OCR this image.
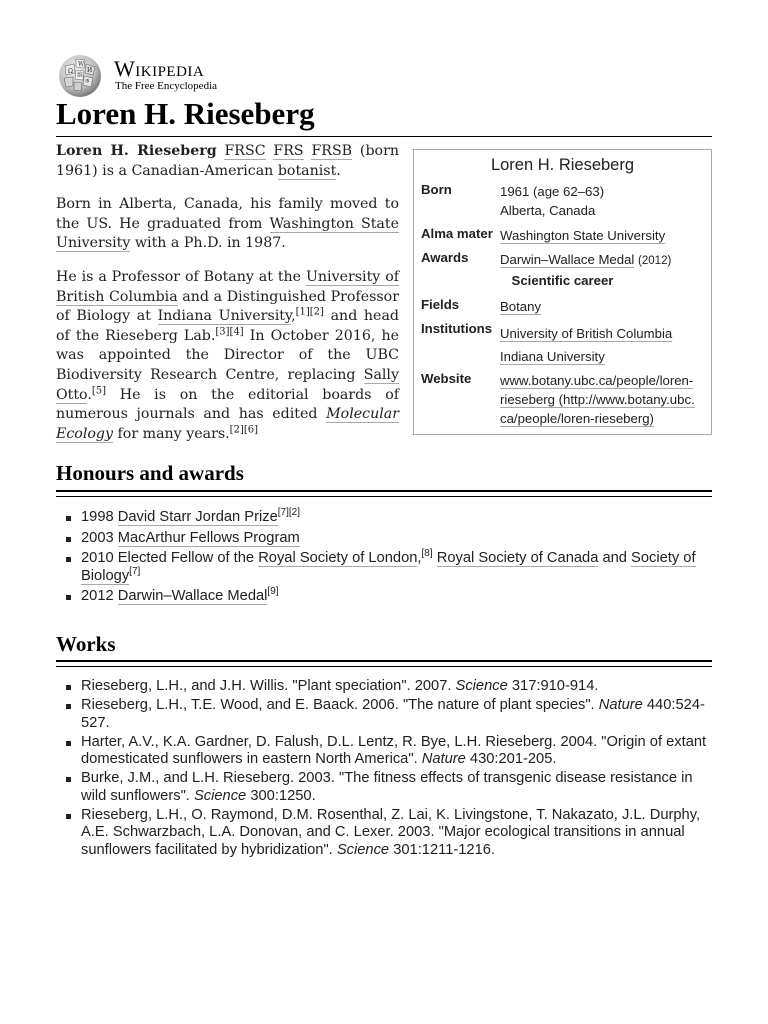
Ω
W
И
維
ক
Wikipedia
The Free Encyclopedia
Loren H. Rieseberg

Loren H. Rieseberg FRSC FRS FRSB (born 1961) is a Canadian-American botanist.

Born in Alberta, Canada, his family moved to the US. He graduated from Washington State University with a Ph.D. in 1987.

He is a Professor of Botany at the University of British Columbia and a Distinguished Professor of Biology at Indiana University,[1][2] and head of the Rieseberg Lab.[3][4] In October 2016, he was appointed the Director of the UBC Biodiversity Research Centre, replacing Sally Otto.[5] He is on the editorial boards of numerous journals and has edited Molecular Ecology for many years.[2][6]

Loren H. Rieseberg
Born	1961 (age 62–63)
Alberta, Canada
Alma mater Washington State University
Awards	Darwin–Wallace Medal (2012)
Scientific career
Fields	Botany
Institutions University of British Columbia
Indiana University
Website	www.botany.ubc.ca/people/loren-
rieseberg (http://www.botany.ubc.
ca/people/loren-rieseberg)
Honours and awards
1998 David Starr Jordan Prize[7][2]
2003 MacArthur Fellows Program
2010 Elected Fellow of the Royal Society of London,[8] Royal Society of Canada and Society of Biology[7]
2012 Darwin–Wallace Medal[9]
Works
Rieseberg, L.H., and J.H. Willis. "Plant speciation". 2007. Science 317:910-914.
Rieseberg, L.H., T.E. Wood, and E. Baack. 2006. "The nature of plant species". Nature 440:524-527.
Harter, A.V., K.A. Gardner, D. Falush, D.L. Lentz, R. Bye, L.H. Rieseberg. 2004. "Origin of extant domesticated sunflowers in eastern North America". Nature 430:201-205.
Burke, J.M., and L.H. Rieseberg. 2003. "The fitness effects of transgenic disease resistance in wild sunflowers". Science 300:1250.
Rieseberg, L.H., O. Raymond, D.M. Rosenthal, Z. Lai, K. Livingstone, T. Nakazato, J.L. Durphy, A.E. Schwarzbach, L.A. Donovan, and C. Lexer. 2003. "Major ecological transitions in annual sunflowers facilitated by hybridization". Science 301:1211-1216.
